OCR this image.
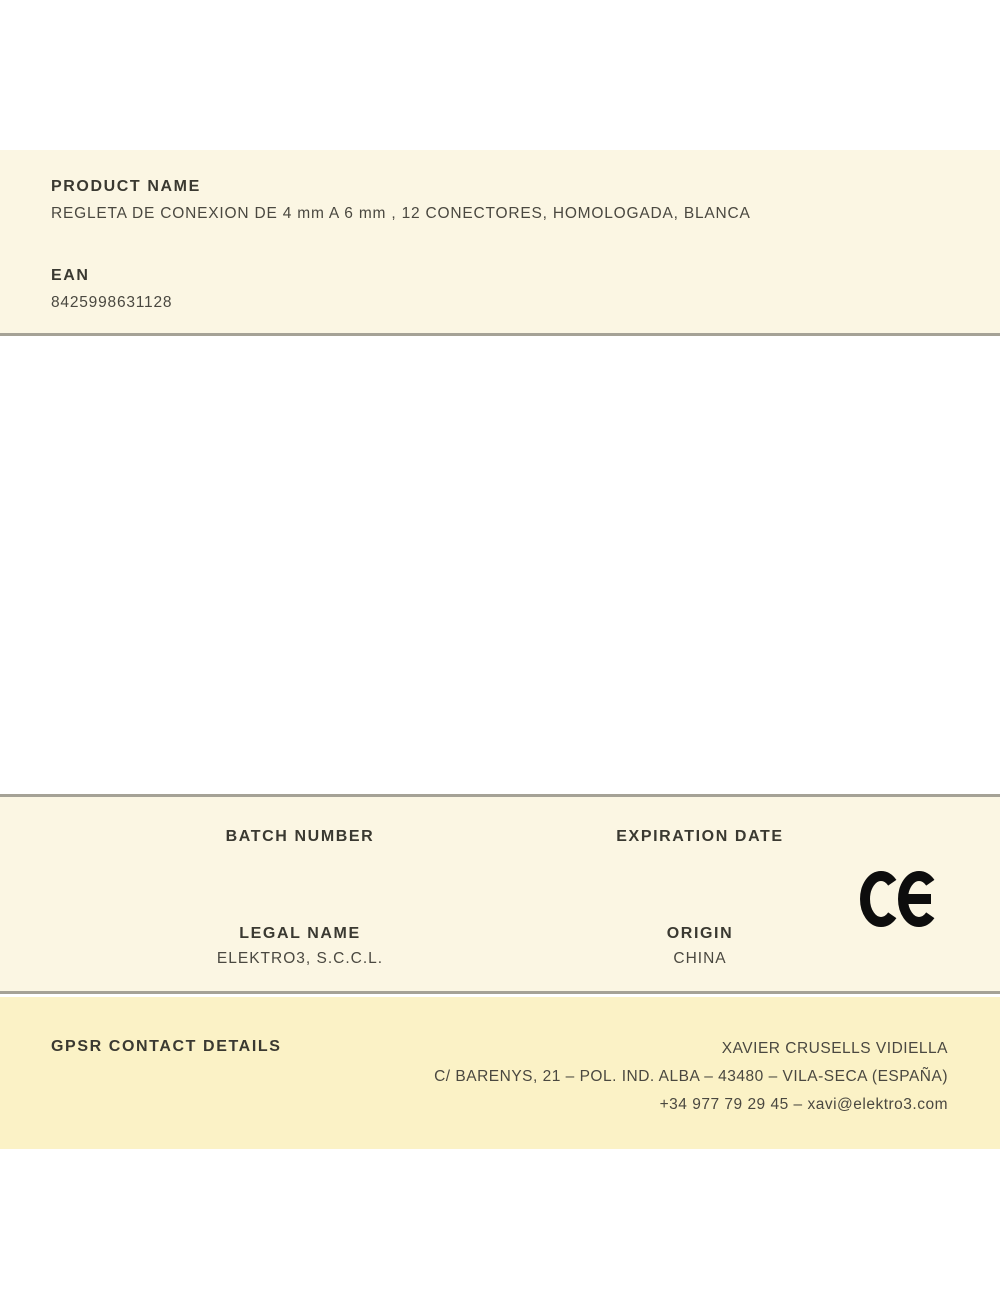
PRODUCT NAME
REGLETA DE CONEXION DE 4 mm A 6 mm , 12 CONECTORES, HOMOLOGADA, BLANCA
EAN
8425998631128
BATCH NUMBER	EXPIRATION DATE
LEGAL NAME
ELEKTRO3, S.C.C.L.
ORIGIN
CHINA
GPSR CONTACT DETAILS	XAVIER CRUSELLS VIDIELLA
C/ BARENYS, 21 – POL. IND. ALBA – 43480 – VILA-SECA (ESPAÑA)
+34 977 79 29 45 – xavi@elektro3.com
